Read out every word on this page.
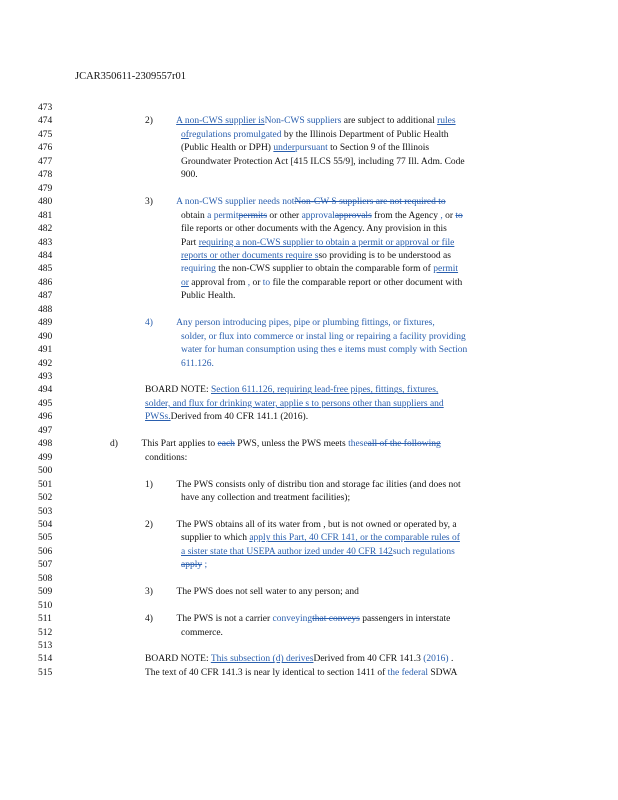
JCAR350611-2309557r01
473
474
475
476
477
478
479
480
481
482
483
484
485
486
487
488
489
490
491
492
493
494
495
496
497
498
499
500
501
502
503
504
505
506
507
508
509
510
511
512
513
514
515
2) A non-CWS supplier isNon-CWS suppliers are subject to additional rules
ofregulations promulgated by the Illinois Department of Public Health
(Public Health or DPH) underpursuant to Section 9 of the Illinois
Groundwater Protection Act [415 ILCS 55/9], including 77 Ill. Adm. Code
900.
3) A non-CWS supplier needs notNon-CW S suppliers are not required to
obtain a permitpermits or other approvalapprovals from the Agency , or to
file reports or other documents with the Agency. Any provision in this
Part requiring a non-CWS supplier to obtain a permit or approval or file
reports or other documents require sso providing is to be understood as
requiring the non-CWS supplier to obtain the comparable form of permit
or approval from , or to file the comparable report or other document with
Public Health.
4) Any person introducing pipes, pipe or plumbing fittings, or fixtures,
solder, or flux into commerce or instal ling or repairing a facility providing
water for human consumption using thes e items must comply with Section
611.126.
BOARD NOTE: Section 611.126, requiring lead-free pipes, fittings, fixtures,
solder, and flux for drinking water, applie s to persons other than suppliers and
PWSs.Derived from 40 CFR 141.1 (2016).
d) This Part applies to each PWS, unless the PWS meets theseall of the following
conditions:
1) The PWS consists only of distribu tion and storage fac ilities (and does not
have any collection and treatment facilities);
2) The PWS obtains all of its water from , but is not owned or operated by, a
supplier to which apply this Part, 40 CFR 141, or the comparable rules of
a sister state that USEPA author ized under 40 CFR 142such regulations
apply ;
3) The PWS does not sell water to any person; and
4) The PWS is not a carrier conveyingthat conveys passengers in interstate
commerce.
BOARD NOTE: This subsection (d) derivesDerived from 40 CFR 141.3 (2016) .
The text of 40 CFR 141.3 is near ly identical to section 1411 of the federal SDWA
